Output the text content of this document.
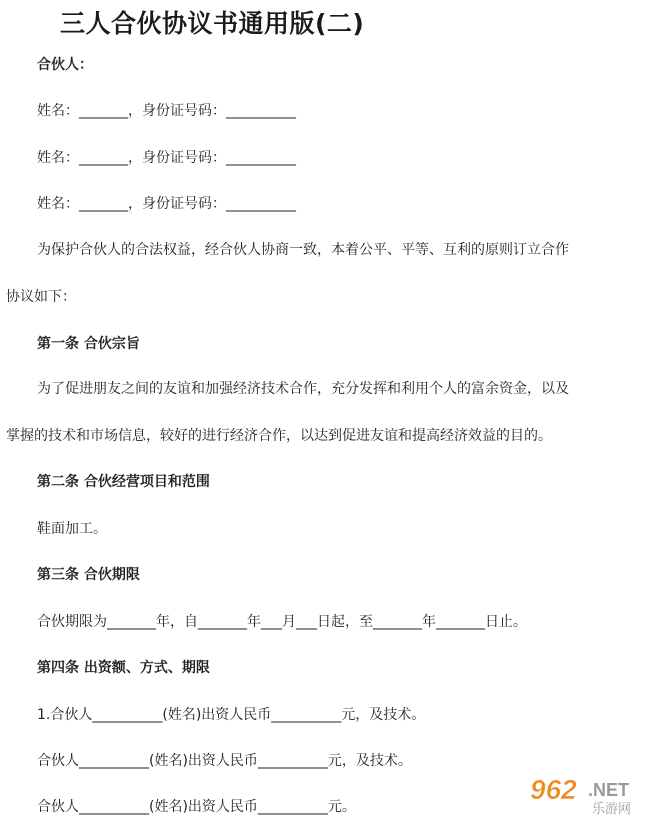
三人合伙协议书通用版(二)
合伙人：
姓名：_______，身份证号码：__________
姓名：_______，身份证号码：__________
姓名：_______，身份证号码：__________
为保护合伙人的合法权益，经合伙人协商一致，本着公平、平等、互利的原则订立合作
协议如下：
第一条 合伙宗旨
为了促进朋友之间的友谊和加强经济技术合作，充分发挥和利用个人的富余资金，以及
掌握的技术和市场信息，较好的进行经济合作，以达到促进友谊和提高经济效益的目的。
第二条 合伙经营项目和范围
鞋面加工。
第三条 合伙期限
合伙期限为_______年，自_______年___月___日起，至_______年_______日止。
第四条 出资额、方式、期限
1.合伙人__________(姓名)出资人民币__________元，及技术。
合伙人__________(姓名)出资人民币__________元，及技术。
合伙人__________(姓名)出资人民币__________元。
962 .NET
乐游网
